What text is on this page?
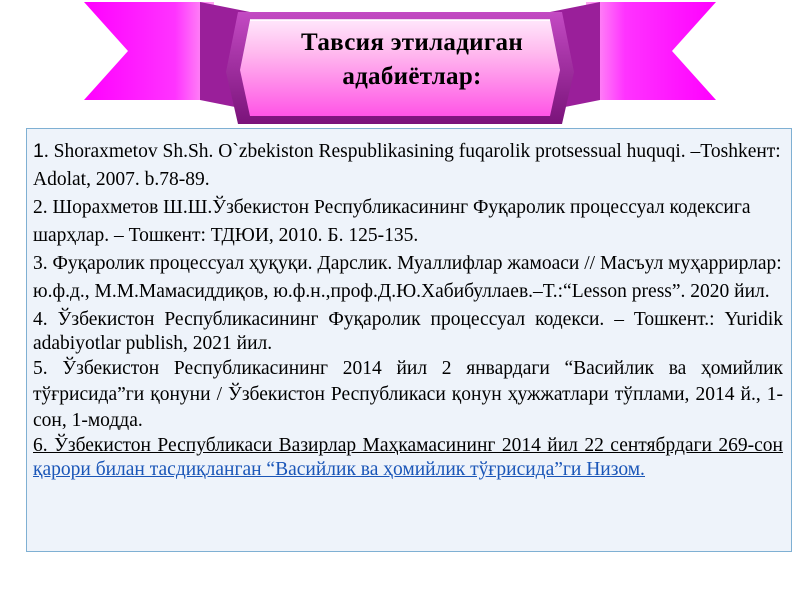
Тавсия этиладиган
адабиётлар:

1. Shoraxmetov Sh.Sh. O`zbekiston Respublikasining fuqarolik protsessual huquqi. –Toshkeнт: Adolat, 2007. b.78-89.

2. Шорахметов Ш.Ш.Ўзбекистон Республикасининг Фуқаролик процессуал кодексига шарҳлар. – Тошкент: ТДЮИ, 2010. Б. 125-135.

3. Фуқаролик процессуал ҳуқуқи. Дарслик. Муаллифлар жамоаси // Масъул муҳаррирлар: ю.ф.д., М.М.Мамасиддиқов, ю.ф.н.,проф.Д.Ю.Хабибуллаев.–Т.:“Lesson press”. 2020 йил.

4. Ўзбекистон Республикасининг Фуқаролик процессуал кодекси. – Тошкент.: Yuridik adabiyotlar publish, 2021 йил.

5. Ўзбекистон Республикасининг 2014 йил 2 январдаги “Васийлик ва ҳомийлик тўғрисида”ги қонуни / Ўзбекистон Республикаси қонун ҳужжатлари тўплами, 2014 й., 1-сон, 1-модда.

6. Ўзбекистон Республикаси Вазирлар Маҳкамасининг 2014 йил 22 сентябрдаги 269-сон қарори билан тасдиқланган “Васийлик ва ҳомийлик тўғрисида”ги Низом.
